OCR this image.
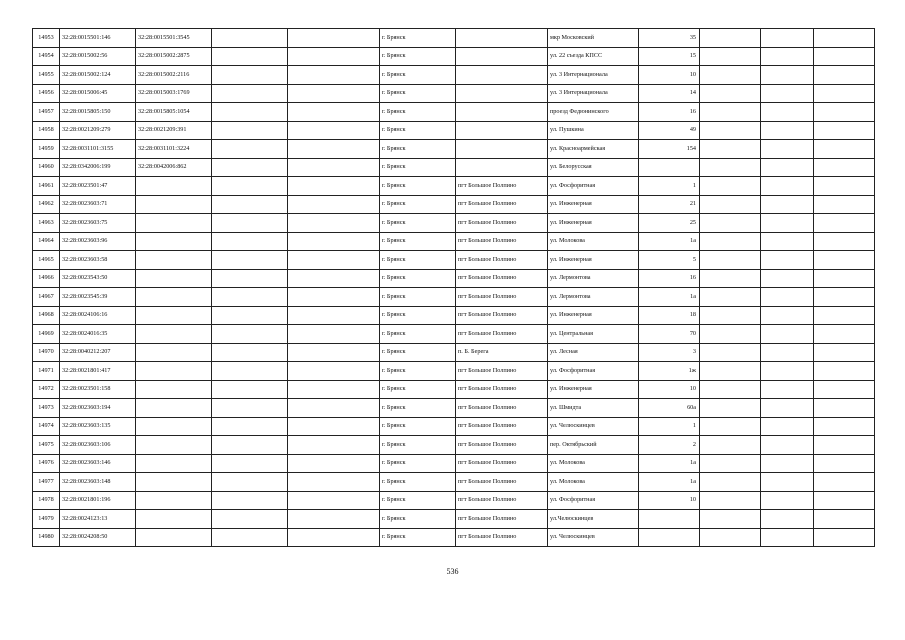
14953	32:28:0015501:146	32:28:0015501:3545			г. Брянск		мкр Московский	35			
14954	32:28:0015002:56	32:28:0015002:2875			г. Брянск		ул. 22 съезда КПСС	15			
14955	32:28:0015002:124	32:28:0015002:2116			г. Брянск		ул. 3 Интернационала	10			
14956	32:28:0015006:45	32:28:0015003:1769			г. Брянск		ул. 3 Интернационала	14			
14957	32:28:0015805:150	32:28:0015805:1054			г. Брянск		проезд Федюнинского	16			
14958	32:28:0021209:279	32:28:0021209:391			г. Брянск		ул. Пушкина	49			
14959	32:28:0031101:3155	32:28:0031101:3224			г. Брянск		ул. Красноармейская	154			
14960	32:28:0342006:199	32:28:0042006:862			г. Брянск		ул. Белорусская				
14961	32:28:0023501:47				г. Брянск	пгт Большое Полпино	ул. Фосфоритная	1			
14962	32:28:0023603:71				г. Брянск	пгт Большое Полпино	ул. Инженерная	21			
14963	32:28:0023603:75				г. Брянск	пгт Большое Полпино	ул. Инженерная	25			
14964	32:28:0023603:96				г. Брянск	пгт Большое Полпино	ул. Молокова	1а			
14965	32:28:0023603:58				г. Брянск	пгт Большое Полпино	ул. Инженерная	5			
14966	32:28:0023543:50				г. Брянск	пгт Большое Полпино	ул. Лермонтова	16			
14967	32:28:0023545:39				г. Брянск	пгт Большое Полпино	ул. Лермонтова	1а			
14968	32:28:0024106:16				г. Брянск	пгт Большое Полпино	ул. Инженерная	18			
14969	32:28:0024016:35				г. Брянск	пгт Большое Полпино	ул. Центральная	70			
14970	32:28:0040212:207				г. Брянск	п. Б. Берега	ул. Лесная	3			
14971	32:28:0021801:417				г. Брянск	пгт Большое Полпино	ул. Фосфоритная	1ж			
14972	32:28:0023501:158				г. Брянск	пгт Большое Полпино	ул. Инженерная	10			
14973	32:28:0023603:194				г. Брянск	пгт Большое Полпино	ул. Шмидта	60а			
14974	32:28:0023603:135				г. Брянск	пгт Большое Полпино	ул. Челюскинцев	1			
14975	32:28:0023603:106				г. Брянск	пгт Большое Полпино	пер. Октябрьский	2			
14976	32:28:0023603:146				г. Брянск	пгт Большое Полпино	ул. Молокова	1а			
14977	32:28:0023603:148				г. Брянск	пгт Большое Полпино	ул. Молокова	1а			
14978	32:28:0021801:196				г. Брянск	пгт Большое Полпино	ул. Фосфоритная	10			
14979	32:28:0024123:13				г. Брянск	пгт Большое Полпино	ул.Челюскинцев				
14980	32:28:0024208:50				г. Брянск	пгт Большое Полпино	ул. Челюскинцев				
536
